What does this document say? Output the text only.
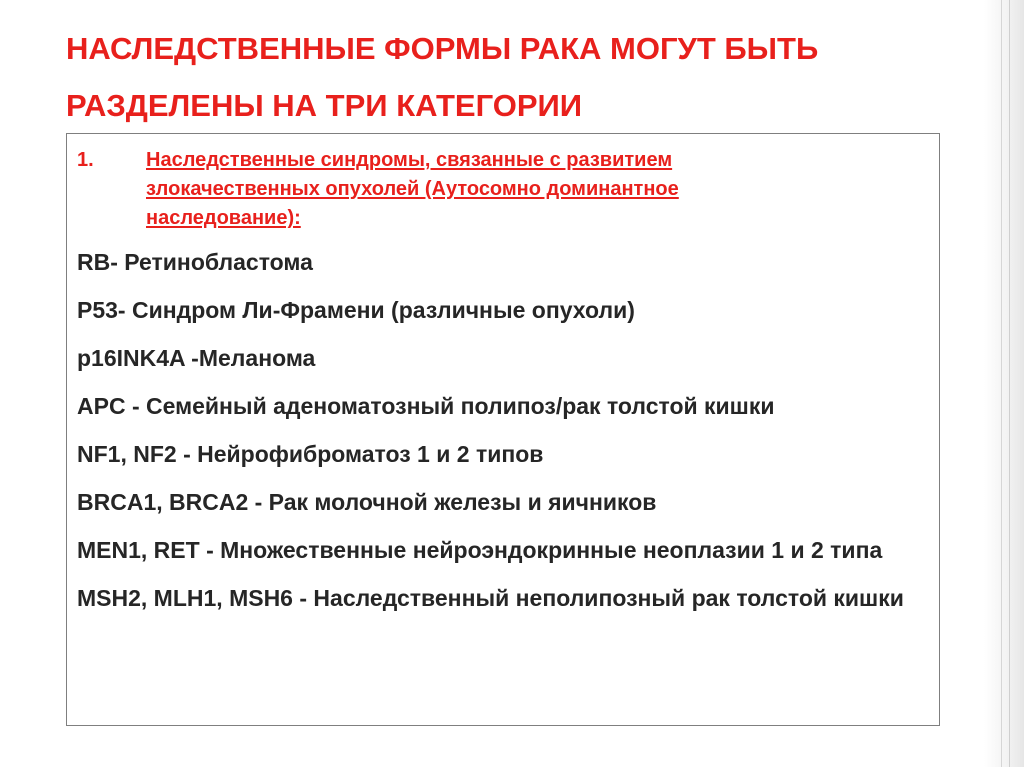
НАСЛЕДСТВЕННЫЕ ФОРМЫ РАКА МОГУТ БЫТЬ
РАЗДЕЛЕНЫ НА ТРИ КАТЕГОРИИ
1.	Наследственные синдромы, связанные с развитием
злокачественных опухолей (Аутосомно доминантное
наследование):
RB- Ретинобластома
P53- Синдром Ли-Фрамени (различные опухоли)
p16INK4A -Меланома
APC - Семейный аденоматозный полипоз/рак толстой кишки
NF1, NF2 - Нейрофиброматоз 1 и 2 типов
BRCA1, BRCA2 - Рак молочной железы и яичников
MEN1, RET - Множественные нейроэндокринные неоплазии 1 и 2 типа
MSH2, MLH1, MSH6 - Наследственный неполипозный рак толстой кишки
